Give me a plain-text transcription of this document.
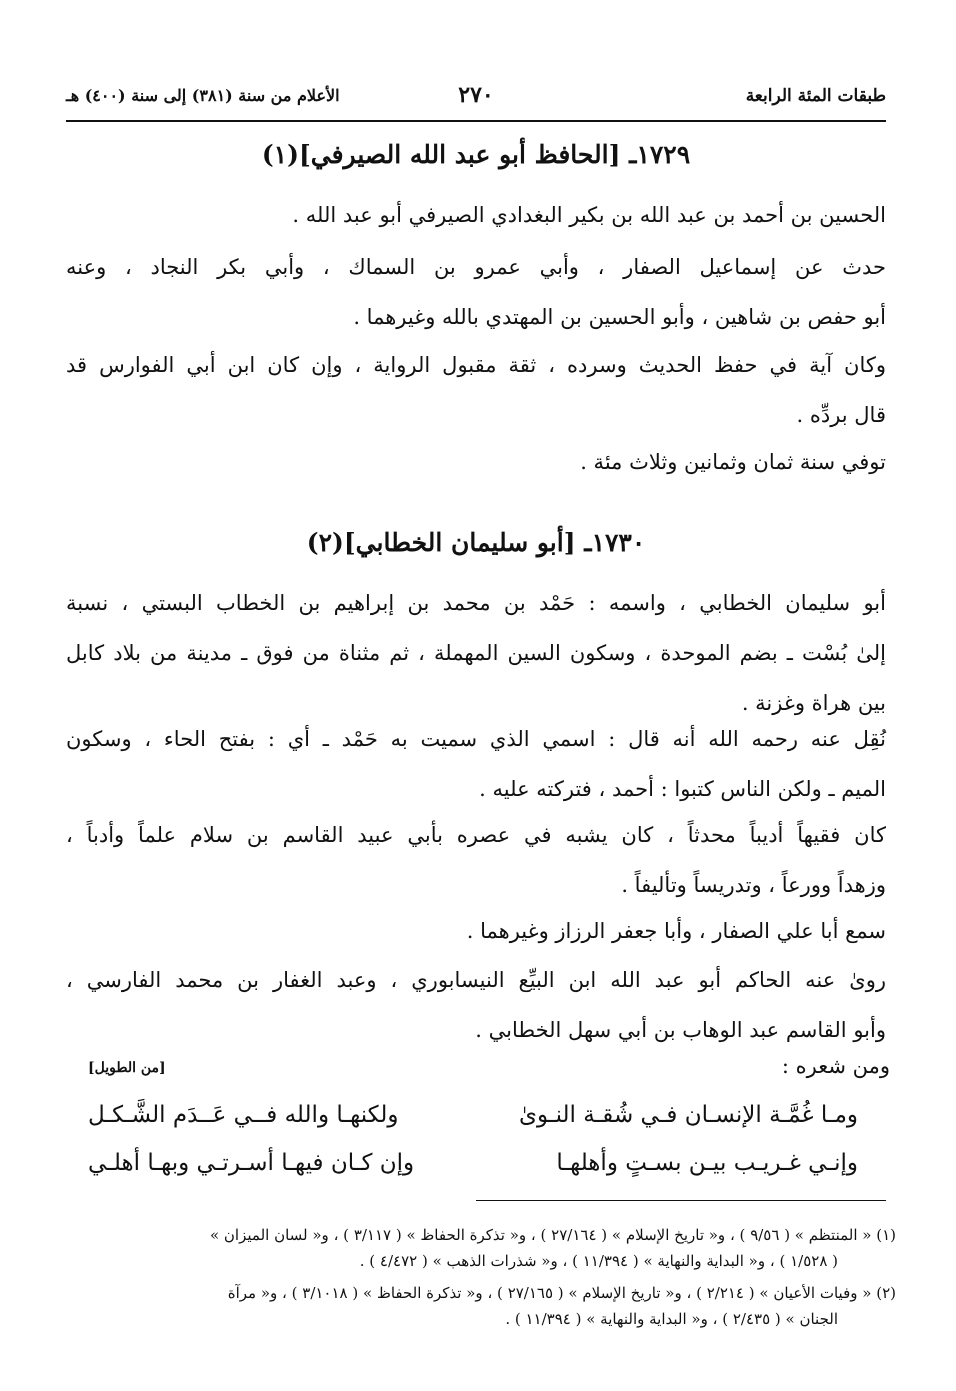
طبقات المئة الرابعة
٢٧٠
الأعلام من سنة (٣٨١) إلى سنة (٤٠٠) هـ
١٧٢٩ـ [الحافظ أبو عبد الله الصيرفي](١)
الحسين بن أحمد بن عبد الله بن بكير البغدادي الصيرفي أبو عبد الله .
حدث عن إسماعيل الصفار ، وأبي عمرو بن السماك ، وأبي بكر النجاد ، وعنه
أبو حفص بن شاهين ، وأبو الحسين بن المهتدي بالله وغيرهما .
وكان آية في حفظ الحديث وسرده ، ثقة مقبول الرواية ، وإن كان ابن أبي الفوارس قد
قال بردِّه .
توفي سنة ثمان وثمانين وثلاث مئة .
١٧٣٠ـ [أبو سليمان الخطابي](٢)
أبو سليمان الخطابي ، واسمه : حَمْد بن محمد بن إبراهيم بن الخطاب البستي ، نسبة
إلىٰ بُسْت ـ بضم الموحدة ، وسكون السين المهملة ، ثم مثناة من فوق ـ مدينة من بلاد كابل
بين هراة وغزنة .
نُقِل عنه رحمه الله أنه قال : اسمي الذي سميت به حَمْد ـ أي : بفتح الحاء ، وسكون
الميم ـ ولكن الناس كتبوا : أحمد ، فتركته عليه .
كان فقيهاً أديباً محدثاً ، كان يشبه في عصره بأبي عبيد القاسم بن سلام علماً وأدباً ،
وزهداً وورعاً ، وتدريساً وتأليفاً .
سمع أبا علي الصفار ، وأبا جعفر الرزاز وغيرهما .
روىٰ عنه الحاكم أبو عبد الله ابن البيِّع النيسابوري ، وعبد الغفار بن محمد الفارسي ،
وأبو القاسم عبد الوهاب بن أبي سهل الخطابي .
ومن شعره :
[من الطويل]
ومـا غُمَّـة الإنسـان فـي شُقـة النـوىٰ
ولكنهـا والله فــي عَــدَم الشَّـكـل
وإنـي غـريـب بيـن بسـتٍ وأهلهـا
وإن كـان فيهـا أسـرتـي وبهـا أهلـي
(١) « المنتظم » ( ٩/٥٦ ) ، و« تاريخ الإسلام » ( ٢٧/١٦٤ ) ، و« تذكرة الحفاظ » ( ٣/١١٧ ) ، و« لسان الميزان »
( ١/٥٢٨ ) ، و« البداية والنهاية » ( ١١/٣٩٤ ) ، و« شذرات الذهب » ( ٤/٤٧٢ ) .
(٢) « وفيات الأعيان » ( ٢/٢١٤ ) ، و« تاريخ الإسلام » ( ٢٧/١٦٥ ) ، و« تذكرة الحفاظ » ( ٣/١٠١٨ ) ، و« مرآة
الجنان » ( ٢/٤٣٥ ) ، و« البداية والنهاية » ( ١١/٣٩٤ ) .
